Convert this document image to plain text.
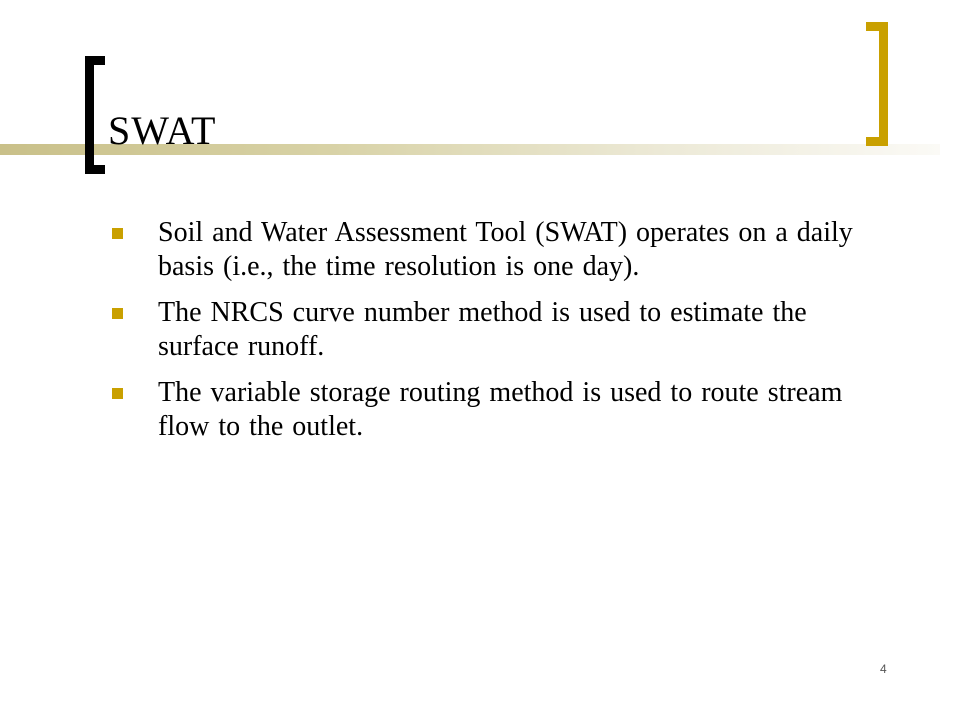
SWAT
Soil and Water Assessment Tool (SWAT) operates on a daily basis (i.e., the time resolution is one day).
The NRCS curve number method is used to estimate the surface runoff.
The variable storage routing method is used to route stream flow to the outlet.
4
